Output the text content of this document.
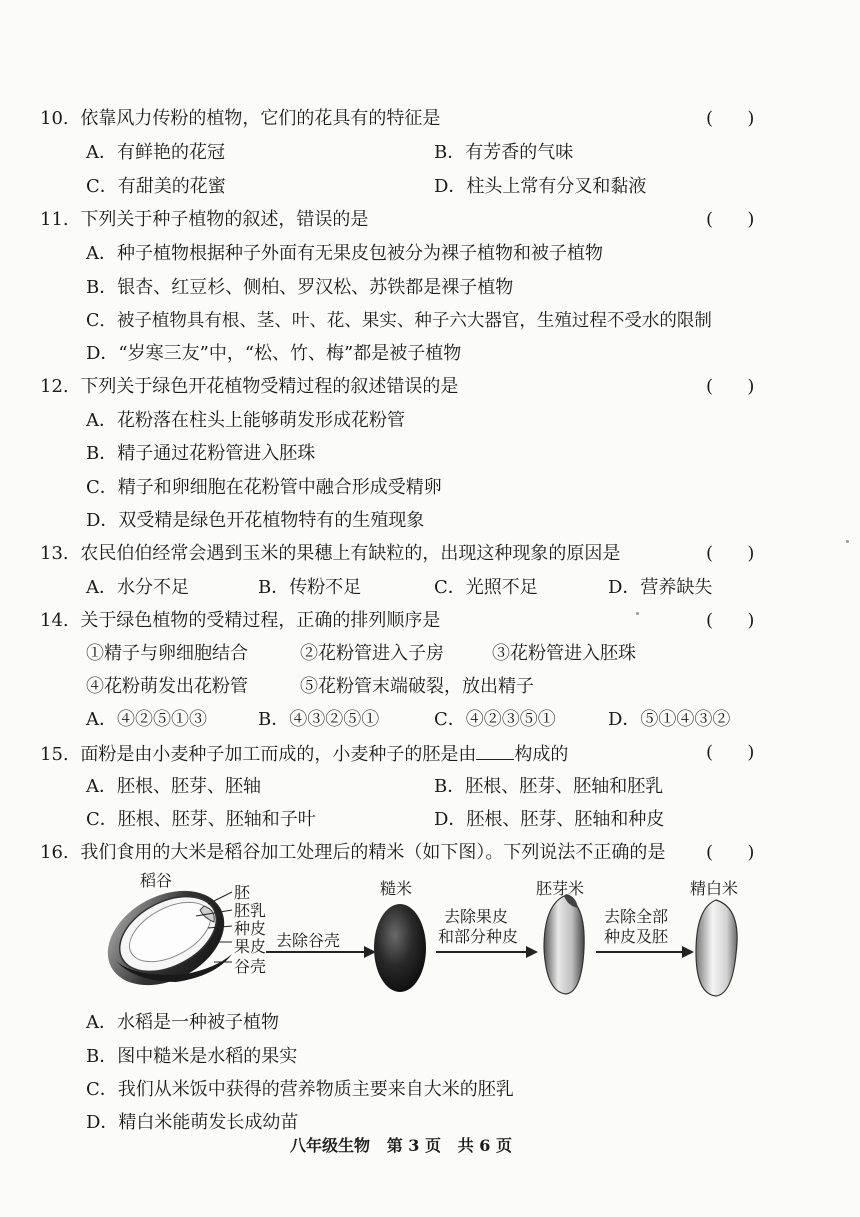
10. 依靠风力传粉的植物，它们的花具有的特征是	(      )
A．有鲜艳的花冠	B．有芳香的气味
C．有甜美的花蜜	D．柱头上常有分叉和黏液
11. 下列关于种子植物的叙述，错误的是	(      )
A．种子植物根据种子外面有无果皮包被分为裸子植物和被子植物
B．银杏、红豆杉、侧柏、罗汉松、苏铁都是裸子植物
C．被子植物具有根、茎、叶、花、果实、种子六大器官，生殖过程不受水的限制
D．“岁寒三友”中，“松、竹、梅”都是被子植物
12. 下列关于绿色开花植物受精过程的叙述错误的是	(      )
A．花粉落在柱头上能够萌发形成花粉管
B．精子通过花粉管进入胚珠
C．精子和卵细胞在花粉管中融合形成受精卵
D．双受精是绿色开花植物特有的生殖现象
13. 农民伯伯经常会遇到玉米的果穗上有缺粒的，出现这种现象的原因是	(      )
A．水分不足	B．传粉不足	C．光照不足	D．营养缺失
14. 关于绿色植物的受精过程，正确的排列顺序是	(      )
①精子与卵细胞结合	②花粉管进入子房	③花粉管进入胚珠
④花粉萌发出花粉管	⑤花粉管末端破裂，放出精子
A．④②⑤①③	B．④③②⑤①	C．④②③⑤①	D．⑤①④③②
15. 面粉是由小麦种子加工而成的，小麦种子的胚是由 构成的	(      )
A．胚根、胚芽、胚轴	B．胚根、胚芽、胚轴和胚乳
C．胚根、胚芽、胚轴和子叶	D．胚根、胚芽、胚轴和种皮
16. 我们食用的大米是稻谷加工处理后的精米（如下图）。下列说法不正确的是 (      )
稻谷
胚
胚乳
种皮
果皮
谷壳
去除谷壳
糙米
去除果皮
和部分种皮
胚芽米
去除全部
种皮及胚
精白米
A．水稻是一种被子植物
B．图中糙米是水稻的果实
C．我们从米饭中获得的营养物质主要来自大米的胚乳
D．精白米能萌发长成幼苗
八年级生物   第 3 页   共 6 页
